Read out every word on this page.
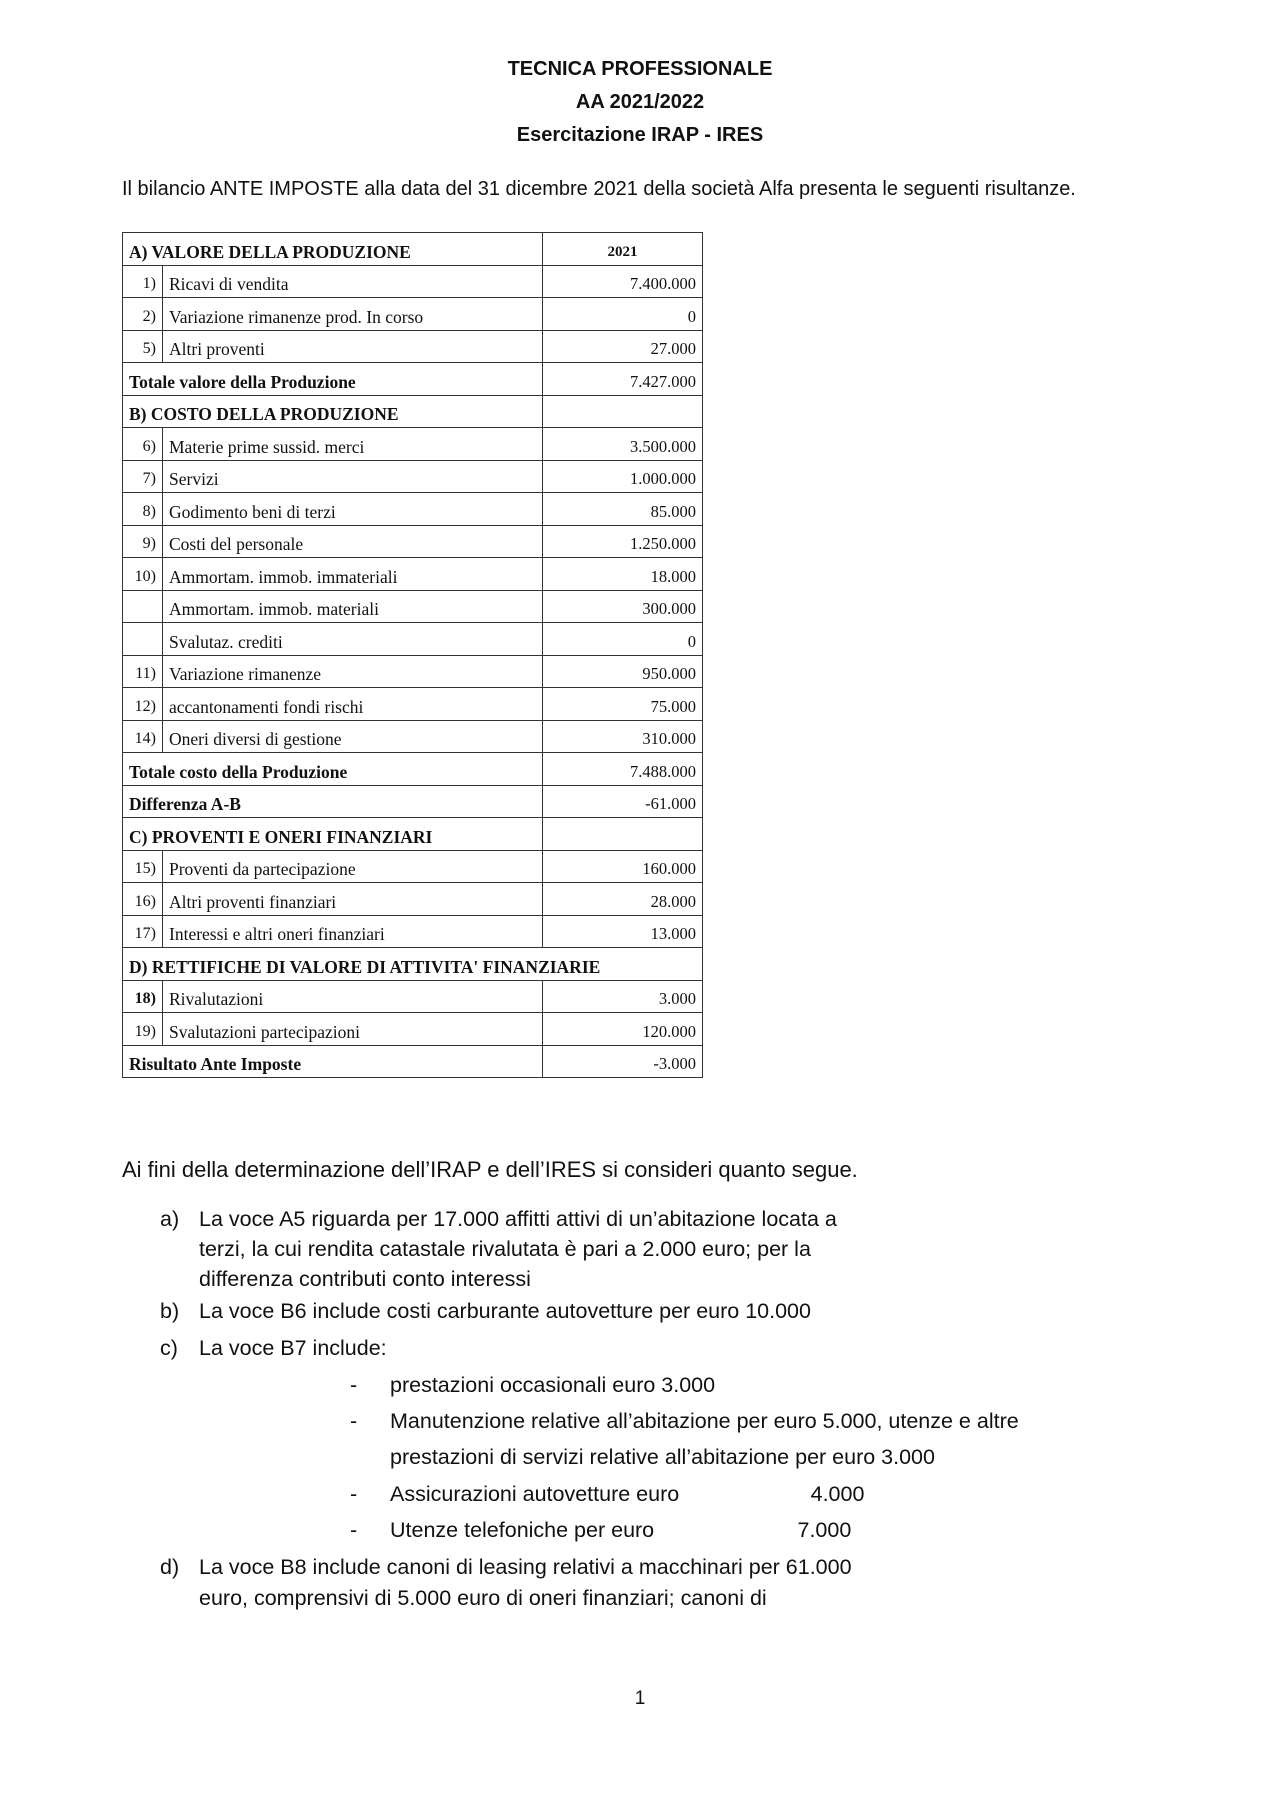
TECNICA PROFESSIONALE
AA 2021/2022
Esercitazione IRAP - IRES
Il bilancio ANTE IMPOSTE alla data del 31 dicembre 2021 della società Alfa presenta le seguenti risultanze.
A) VALORE DELLA PRODUZIONE		2021
1)	Ricavi di vendita	7.400.000
2)	Variazione rimanenze prod. In corso	0
5)	Altri proventi	27.000
Totale valore della Produzione		7.427.000
B) COSTO DELLA PRODUZIONE		
6)	Materie prime sussid. merci	3.500.000
7)	Servizi	1.000.000
8)	Godimento beni di terzi	85.000
9)	Costi del personale	1.250.000
10)	Ammortam. immob. immateriali	18.000
	Ammortam. immob. materiali	300.000
	Svalutaz. crediti	0
11)	Variazione rimanenze	950.000
12)	accantonamenti fondi rischi	75.000
14)	Oneri diversi di gestione	310.000
Totale costo della Produzione		7.488.000
Differenza A-B		-61.000
C) PROVENTI E ONERI FINANZIARI		
15)	Proventi da partecipazione	160.000
16)	Altri proventi finanziari	28.000
17)	Interessi e altri oneri finanziari	13.000
D) RETTIFICHE DI VALORE DI ATTIVITA' FINANZIARIE		
18)	Rivalutazioni	3.000
19)	Svalutazioni partecipazioni	120.000
Risultato Ante Imposte		-3.000
Ai fini della determinazione dell’IRAP e dell’IRES si consideri quanto segue.
a) La voce A5 riguarda per 17.000 affitti attivi di un’abitazione locata a
terzi, la cui rendita catastale rivalutata è pari a 2.000 euro; per la
differenza contributi conto interessi
b) La voce B6 include costi carburante autovetture per euro 10.000
c) La voce B7 include:
- prestazioni occasionali euro 3.000
- Manutenzione relative all’abitazione per euro 5.000, utenze e altre
prestazioni di servizi relative all’abitazione per euro 3.000
- Assicurazioni autovetture euro                      4.000
- Utenze telefoniche per euro                        7.000
d) La voce B8 include canoni di leasing relativi a macchinari per 61.000
euro, comprensivi di 5.000 euro di oneri finanziari; canoni di
1
